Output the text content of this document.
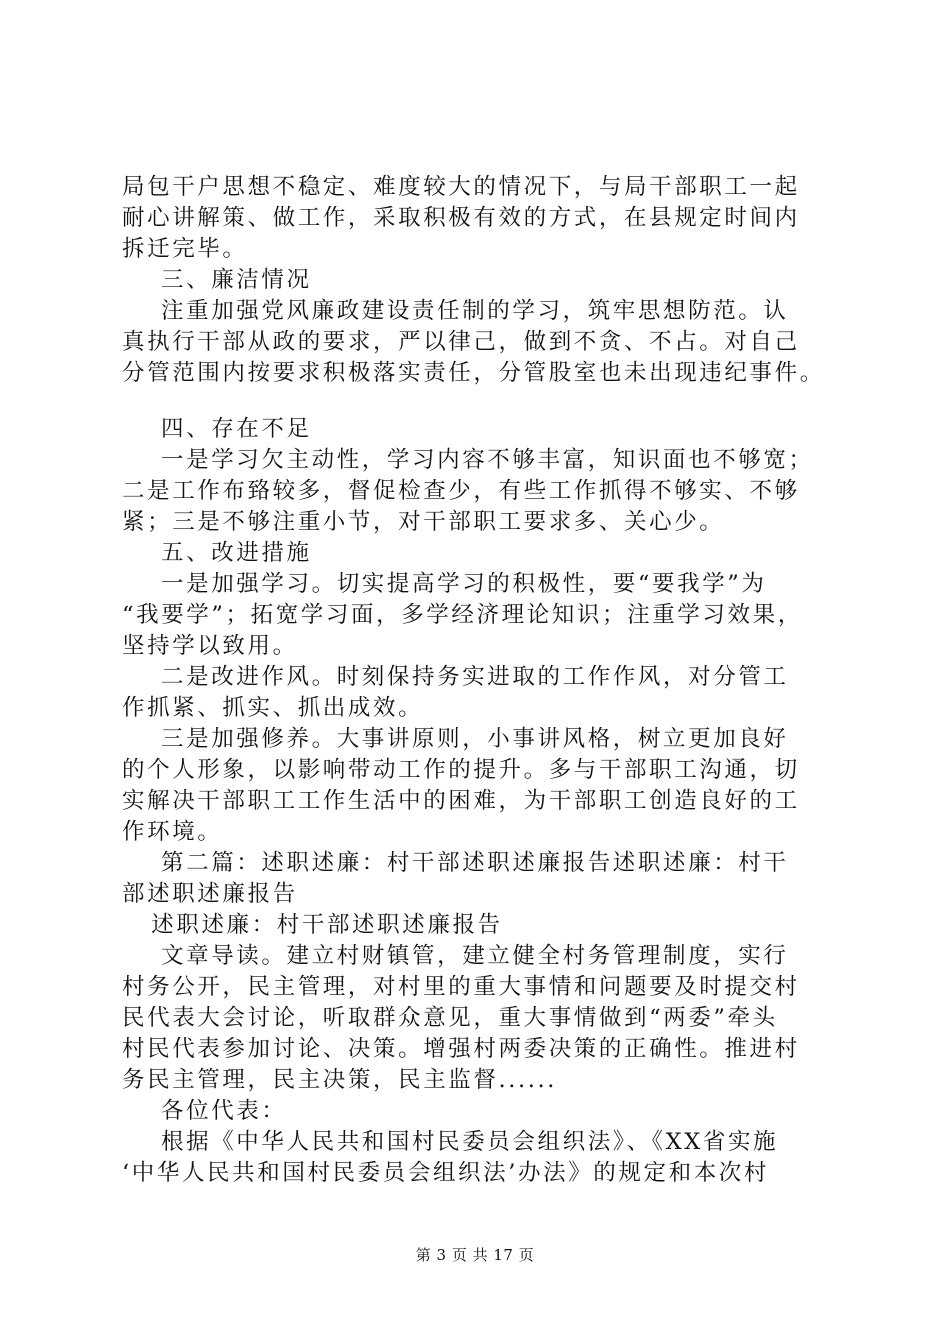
局包干户思想不稳定、难度较大的情况下，与局干部职工一起
耐心讲解策、做工作，采取积极有效的方式，在县规定时间内
拆迁完毕。
三、廉洁情况
注重加强党风廉政建设责任制的学习，筑牢思想防范。认
真执行干部从政的要求，严以律己，做到不贪、不占。对自己
分管范围内按要求积极落实责任，分管股室也未出现违纪事件。
四、存在不足
一是学习欠主动性，学习内容不够丰富，知识面也不够宽；
二是工作布臵较多，督促检查少，有些工作抓得不够实、不够
紧；三是不够注重小节，对干部职工要求多、关心少。
五、改进措施
一是加强学习。切实提高学习的积极性，要“要我学”为
“我要学”；拓宽学习面，多学经济理论知识；注重学习效果，
坚持学以致用。
二是改进作风。时刻保持务实进取的工作作风，对分管工
作抓紧、抓实、抓出成效。
三是加强修养。大事讲原则，小事讲风格，树立更加良好
的个人形象，以影响带动工作的提升。多与干部职工沟通，切
实解决干部职工工作生活中的困难，为干部职工创造良好的工
作环境。
第二篇：述职述廉：村干部述职述廉报告述职述廉：村干
部述职述廉报告
述职述廉：村干部述职述廉报告
文章导读。建立村财镇管，建立健全村务管理制度，实行
村务公开，民主管理，对村里的重大事情和问题要及时提交村
民代表大会讨论，听取群众意见，重大事情做到“两委”牵头
村民代表参加讨论、决策。增强村两委决策的正确性。推进村
务民主管理，民主决策，民主监督......
各位代表：
根据《中华人民共和国村民委员会组织法》、《XX省实施
‘中华人民共和国村民委员会组织法’办法》的规定和本次村
第 3 页 共 17 页
